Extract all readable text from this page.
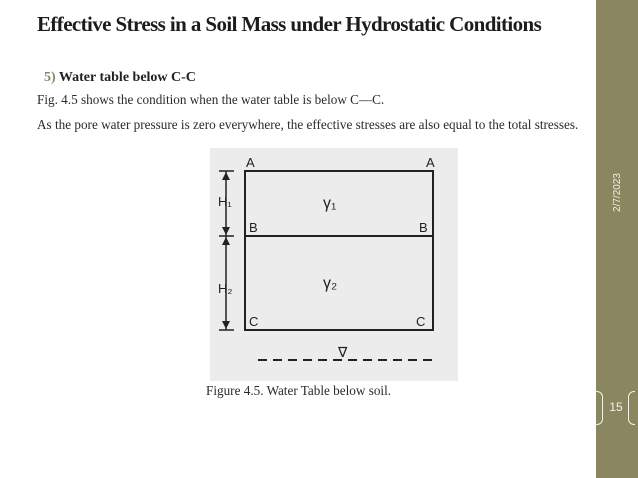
2/7/2023
15
Effective Stress in a Soil Mass under Hydrostatic Conditions
5) Water table below C-C
Fig. 4.5 shows the condition when the water table is below C—C.
As the pore water pressure is zero everywhere, the effective stresses are also equal to the total stresses.
A	A
B	B
C	C
H₁
H₂
γ₁
γ₂
∇
Figure 4.5. Water Table below soil.
